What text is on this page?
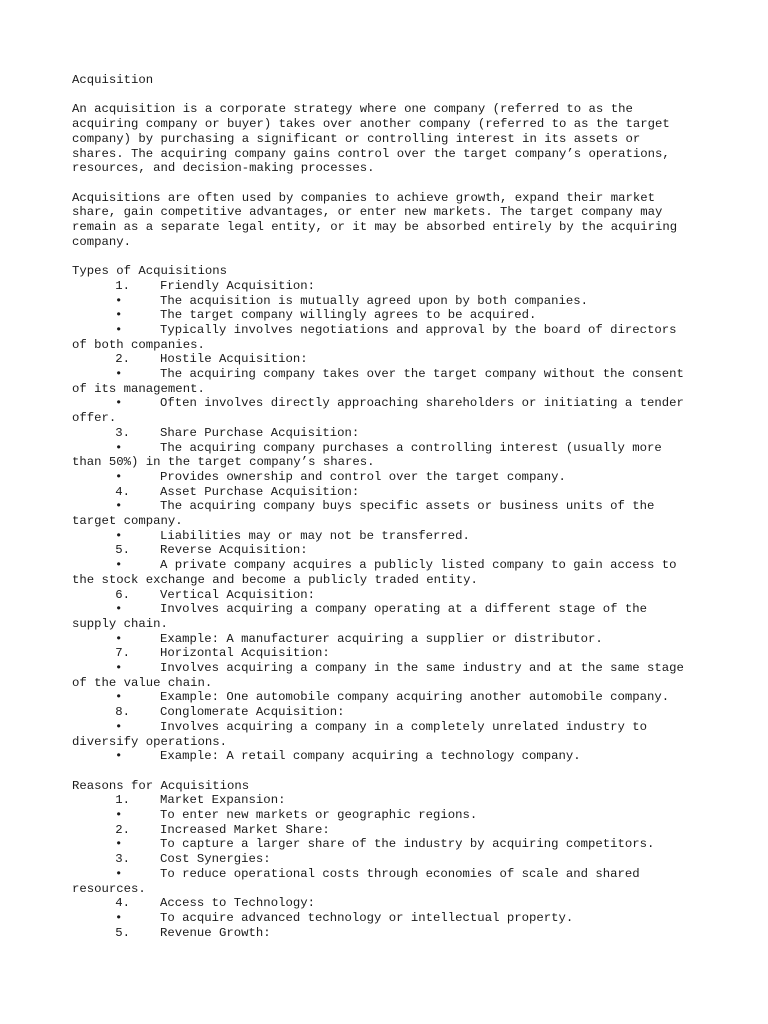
Acquisition
An acquisition is a corporate strategy where one company (referred to as the
acquiring company or buyer) takes over another company (referred to as the target
company) by purchasing a significant or controlling interest in its assets or
shares. The acquiring company gains control over the target company’s operations,
resources, and decision-making processes.
Acquisitions are often used by companies to achieve growth, expand their market
share, gain competitive advantages, or enter new markets. The target company may
remain as a separate legal entity, or it may be absorbed entirely by the acquiring
company.
Types of Acquisitions
1. Friendly Acquisition:
•	The acquisition is mutually agreed upon by both companies.
•	The target company willingly agrees to be acquired.
•	Typically involves negotiations and approval by the board of directors
of both companies.
2. Hostile Acquisition:
•	The acquiring company takes over the target company without the consent
of its management.
•	Often involves directly approaching shareholders or initiating a tender
offer.
3. Share Purchase Acquisition:
•	The acquiring company purchases a controlling interest (usually more
than 50%) in the target company’s shares.
•	Provides ownership and control over the target company.
4. Asset Purchase Acquisition:
•	The acquiring company buys specific assets or business units of the
target company.
•	Liabilities may or may not be transferred.
5. Reverse Acquisition:
•	A private company acquires a publicly listed company to gain access to
the stock exchange and become a publicly traded entity.
6. Vertical Acquisition:
•	Involves acquiring a company operating at a different stage of the
supply chain.
•	Example: A manufacturer acquiring a supplier or distributor.
7. Horizontal Acquisition:
•	Involves acquiring a company in the same industry and at the same stage
of the value chain.
•	Example: One automobile company acquiring another automobile company.
8. Conglomerate Acquisition:
•	Involves acquiring a company in a completely unrelated industry to
diversify operations.
•	Example: A retail company acquiring a technology company.
Reasons for Acquisitions
1. Market Expansion:
•	To enter new markets or geographic regions.
2. Increased Market Share:
•	To capture a larger share of the industry by acquiring competitors.
3. Cost Synergies:
•	To reduce operational costs through economies of scale and shared
resources.
4. Access to Technology:
•	To acquire advanced technology or intellectual property.
5. Revenue Growth:
